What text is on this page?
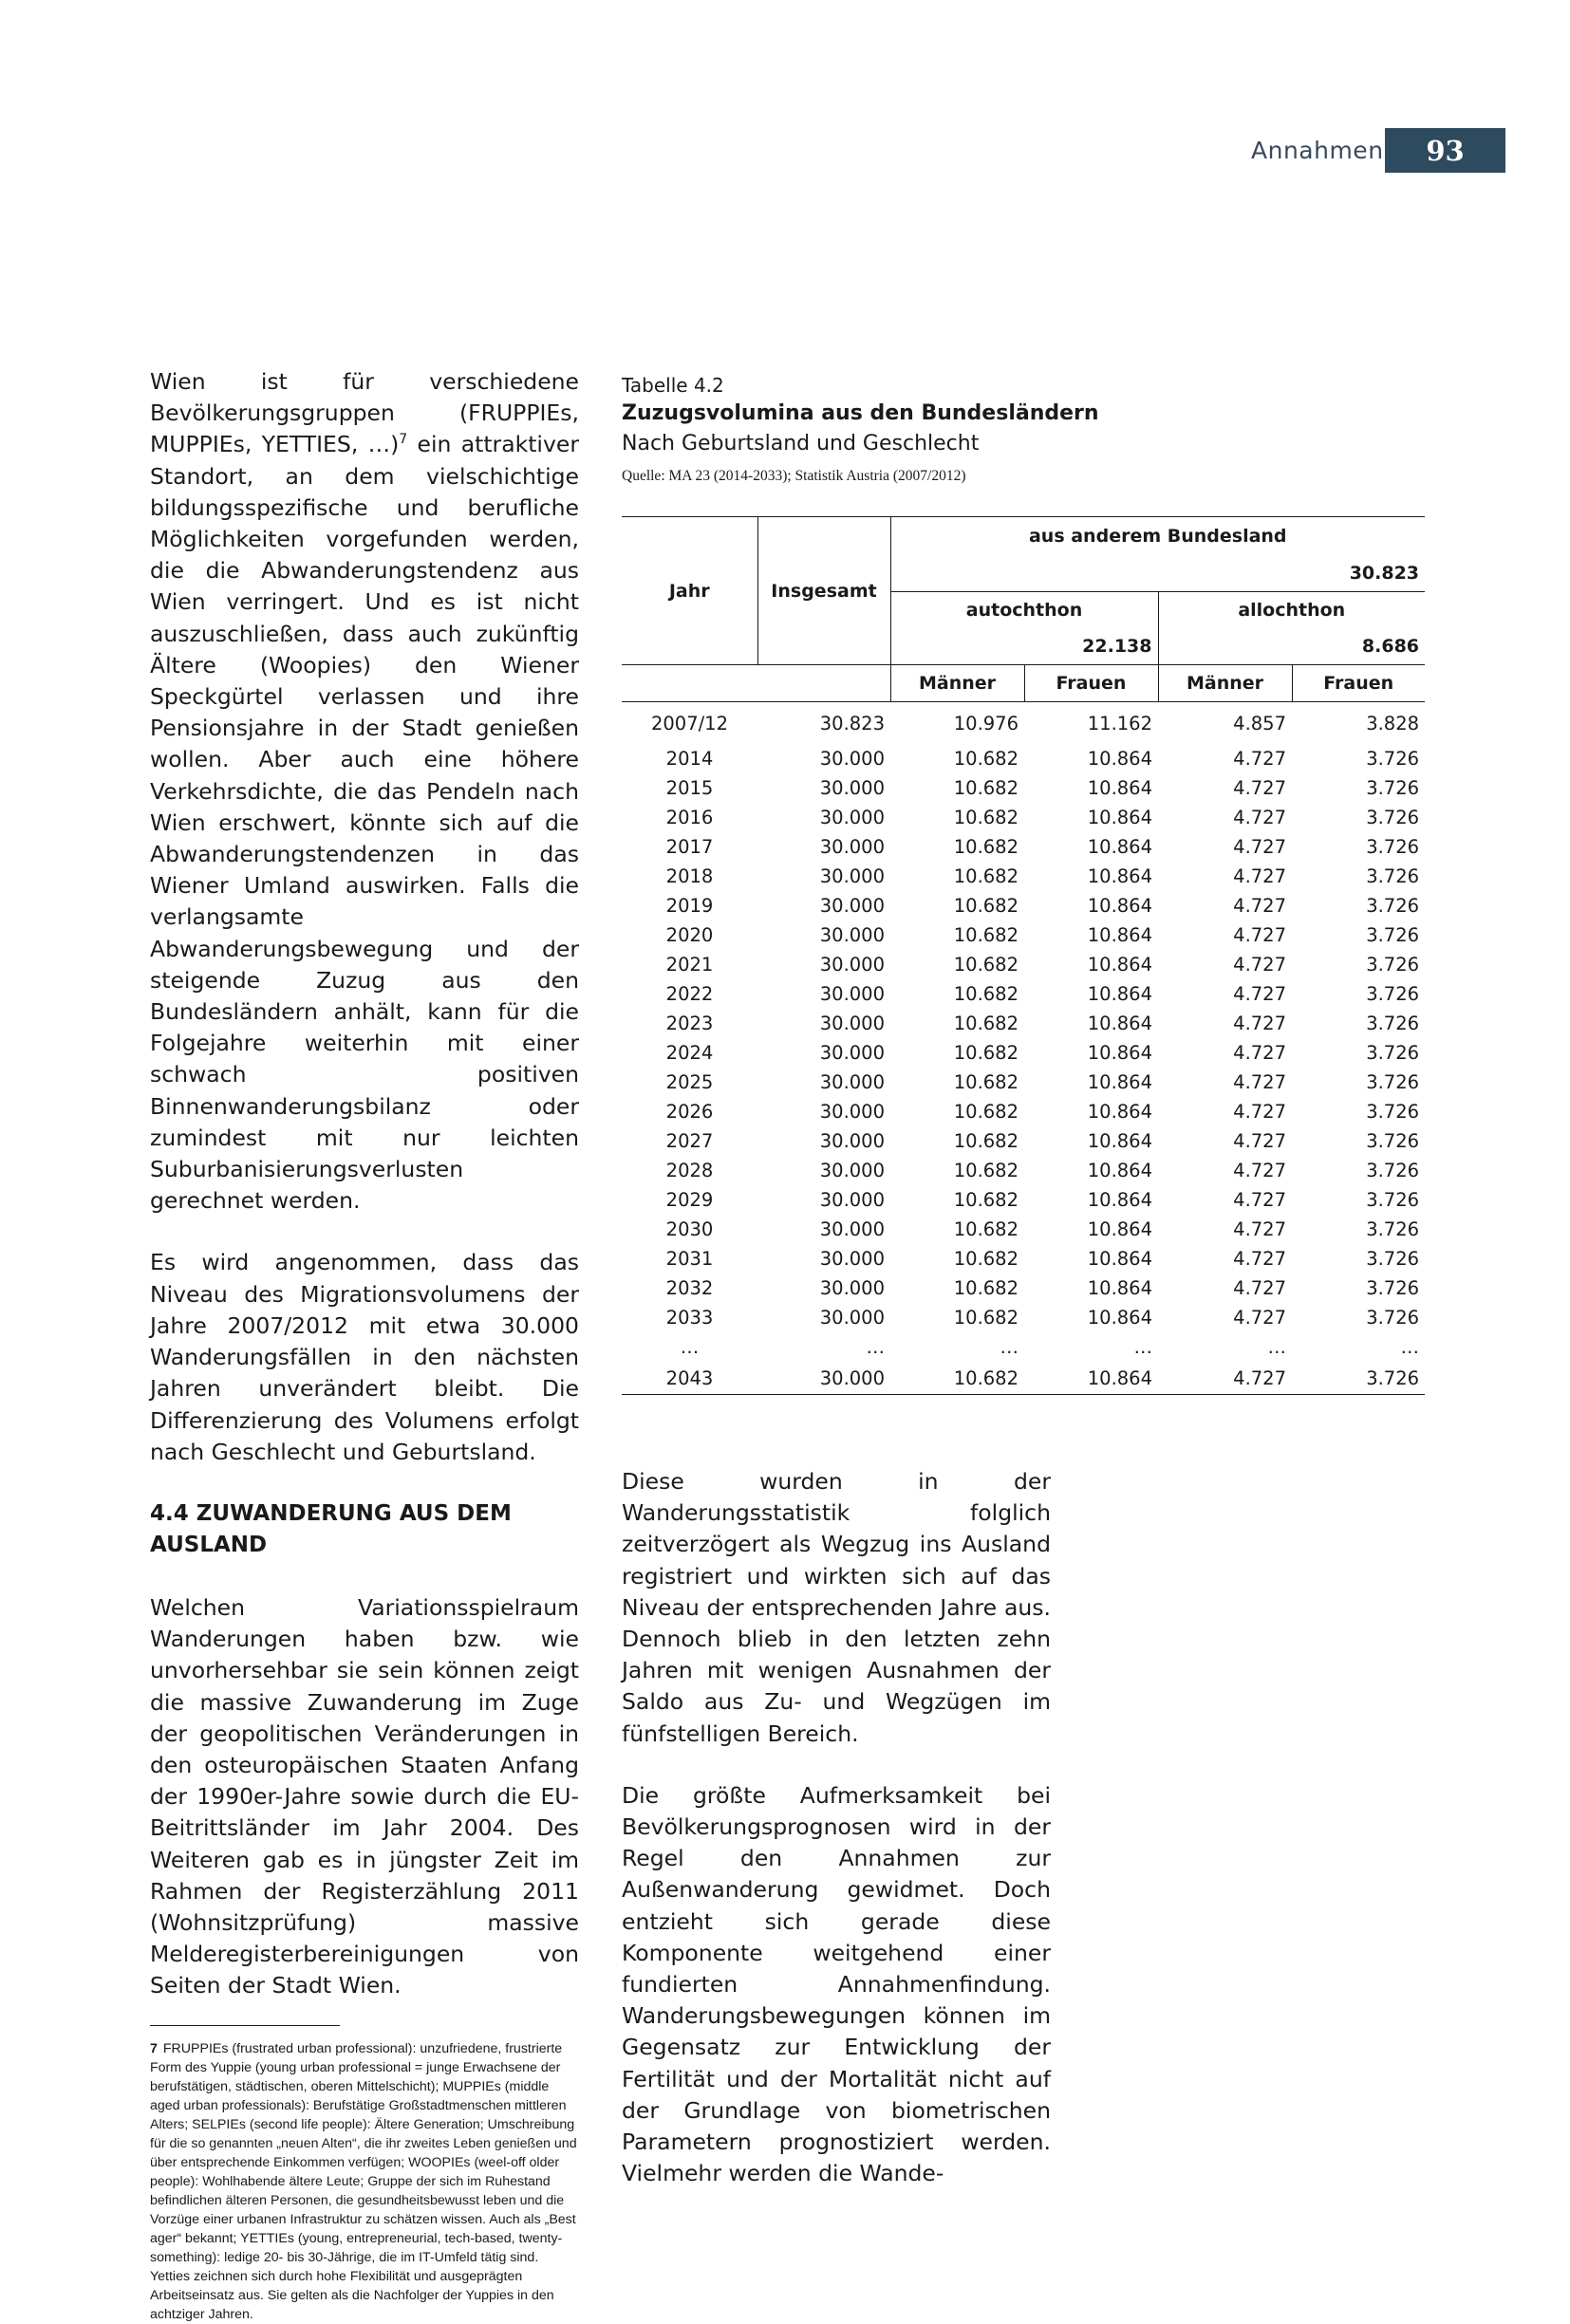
Annahmen	93

Wien ist für verschiedene Bevölkerungsgruppen (FRUPPIEs, MUPPIEs, YETTIES, …)$^7$ ein attraktiver Standort, an dem vielschichtige bildungsspezifische und berufliche Möglichkeiten vorgefunden werden, die die Abwanderungstendenz aus Wien verringert. Und es ist nicht auszuschließen, dass auch zukünftig Ältere (Woopies) den Wiener Speckgürtel verlassen und ihre Pensionsjahre in der Stadt genießen wollen. Aber auch eine höhere Verkehrsdichte, die das Pendeln nach Wien erschwert, könnte sich auf die Abwanderungstendenzen in das Wiener Umland auswirken. Falls die verlangsamte Abwanderungsbewegung und der steigende Zuzug aus den Bundesländern anhält, kann für die Folgejahre weiterhin mit einer schwach positiven Binnenwanderungsbilanz oder zumindest mit nur leichten Suburbanisierungsverlusten gerechnet werden.

Es wird angenommen, dass das Niveau des Migrationsvolumens der Jahre 2007/2012 mit etwa 30.000 Wanderungsfällen in den nächsten Jahren unverändert bleibt. Die Differenzierung des Volumens erfolgt nach Geschlecht und Geburtsland.

4.4 ZUWANDERUNG AUS DEM AUSLAND

Welchen Variationsspielraum Wanderungen haben bzw. wie unvorhersehbar sie sein können zeigt die massive Zuwanderung im Zuge der geopolitischen Veränderungen in den osteuropäischen Staaten Anfang der 1990er-Jahre sowie durch die EU-Beitrittsländer im Jahr 2004. Des Weiteren gab es in jüngster Zeit im Rahmen der Registerzählung 2011 (Wohnsitzprüfung) massive Melderegisterbereinigungen von Seiten der Stadt Wien.

7 FRUPPIEs (frustrated urban professional): unzufriedene, frustrierte Form des Yuppie (young urban professional = junge Erwachsene der berufstätigen, städtischen, oberen Mittelschicht); MUPPIEs (middle aged urban professionals): Berufstätige Großstadtmenschen mittleren Alters; SELPIEs (second life people): Ältere Generation; Umschreibung für die so genannten „neuen Alten“, die ihr zweites Leben genießen und über entsprechende Einkommen verfügen; WOOPIEs (weel-off older people): Wohlhabende ältere Leute; Gruppe der sich im Ruhestand befindlichen älteren Personen, die gesundheitsbewusst leben und die Vorzüge einer urbanen Infrastruktur zu schätzen wissen. Auch als „Best ager“ bekannt; YETTIEs (young, entrepreneurial, tech-based, twenty-something): ledige 20- bis 30-Jährige, die im IT-Umfeld tätig sind. Yetties zeichnen sich durch hohe Flexibilität und ausgeprägten Arbeitseinsatz aus. Sie gelten als die Nachfolger der Yuppies in den achtziger Jahren.
Tabelle 4.2
Zuzugsvolumina aus den Bundesländern
Nach Geburtsland und Geschlecht
Quelle: MA 23 (2014-2033); Statistik Austria (2007/2012)
Jahr	Insgesamt	aus anderem Bundesland			
		30.823			
		autochthon		allochthon	
		22.138		8.686	
		Männer	Frauen	Männer	Frauen
2007/12	30.823	10.976	11.162	4.857	3.828
2014	30.000	10.682	10.864	4.727	3.726
2015	30.000	10.682	10.864	4.727	3.726
2016	30.000	10.682	10.864	4.727	3.726
2017	30.000	10.682	10.864	4.727	3.726
2018	30.000	10.682	10.864	4.727	3.726
2019	30.000	10.682	10.864	4.727	3.726
2020	30.000	10.682	10.864	4.727	3.726
2021	30.000	10.682	10.864	4.727	3.726
2022	30.000	10.682	10.864	4.727	3.726
2023	30.000	10.682	10.864	4.727	3.726
2024	30.000	10.682	10.864	4.727	3.726
2025	30.000	10.682	10.864	4.727	3.726
2026	30.000	10.682	10.864	4.727	3.726
2027	30.000	10.682	10.864	4.727	3.726
2028	30.000	10.682	10.864	4.727	3.726
2029	30.000	10.682	10.864	4.727	3.726
2030	30.000	10.682	10.864	4.727	3.726
2031	30.000	10.682	10.864	4.727	3.726
2032	30.000	10.682	10.864	4.727	3.726
2033	30.000	10.682	10.864	4.727	3.726
…	…	…	…	…	…
2043	30.000	10.682	10.864	4.727	3.726

Diese wurden in der Wanderungsstatistik folglich zeitverzögert als Wegzug ins Ausland registriert und wirkten sich auf das Niveau der entsprechenden Jahre aus. Dennoch blieb in den letzten zehn Jahren mit wenigen Ausnahmen der Saldo aus Zu- und Wegzügen im fünfstelligen Bereich.

Die größte Aufmerksamkeit bei Bevölkerungsprognosen wird in der Regel den Annahmen zur Außenwanderung gewidmet. Doch entzieht sich gerade diese Komponente weitgehend einer fundierten Annahmenfindung. Wanderungsbewegungen können im Gegensatz zur Entwicklung der Fertilität und der Mortalität nicht auf der Grundlage von biometrischen Parametern prognostiziert werden. Vielmehr werden die Wande-
